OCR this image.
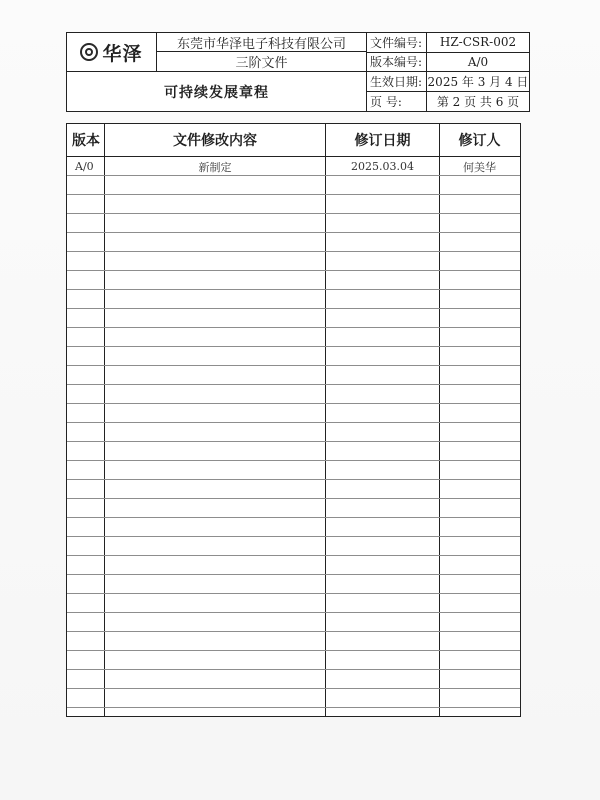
华泽	东莞市华泽电子科技有限公司
三阶文件
可持续发展章程
文件编号:	HZ-CSR-002
版本编号:	A/0
生效日期: 2025 年 3 月 4 日
页 号:	第 2 页 共 6 页
版本	文件修改内容	修订日期	修订人
A/0	新制定	2025.03.04	何美华
